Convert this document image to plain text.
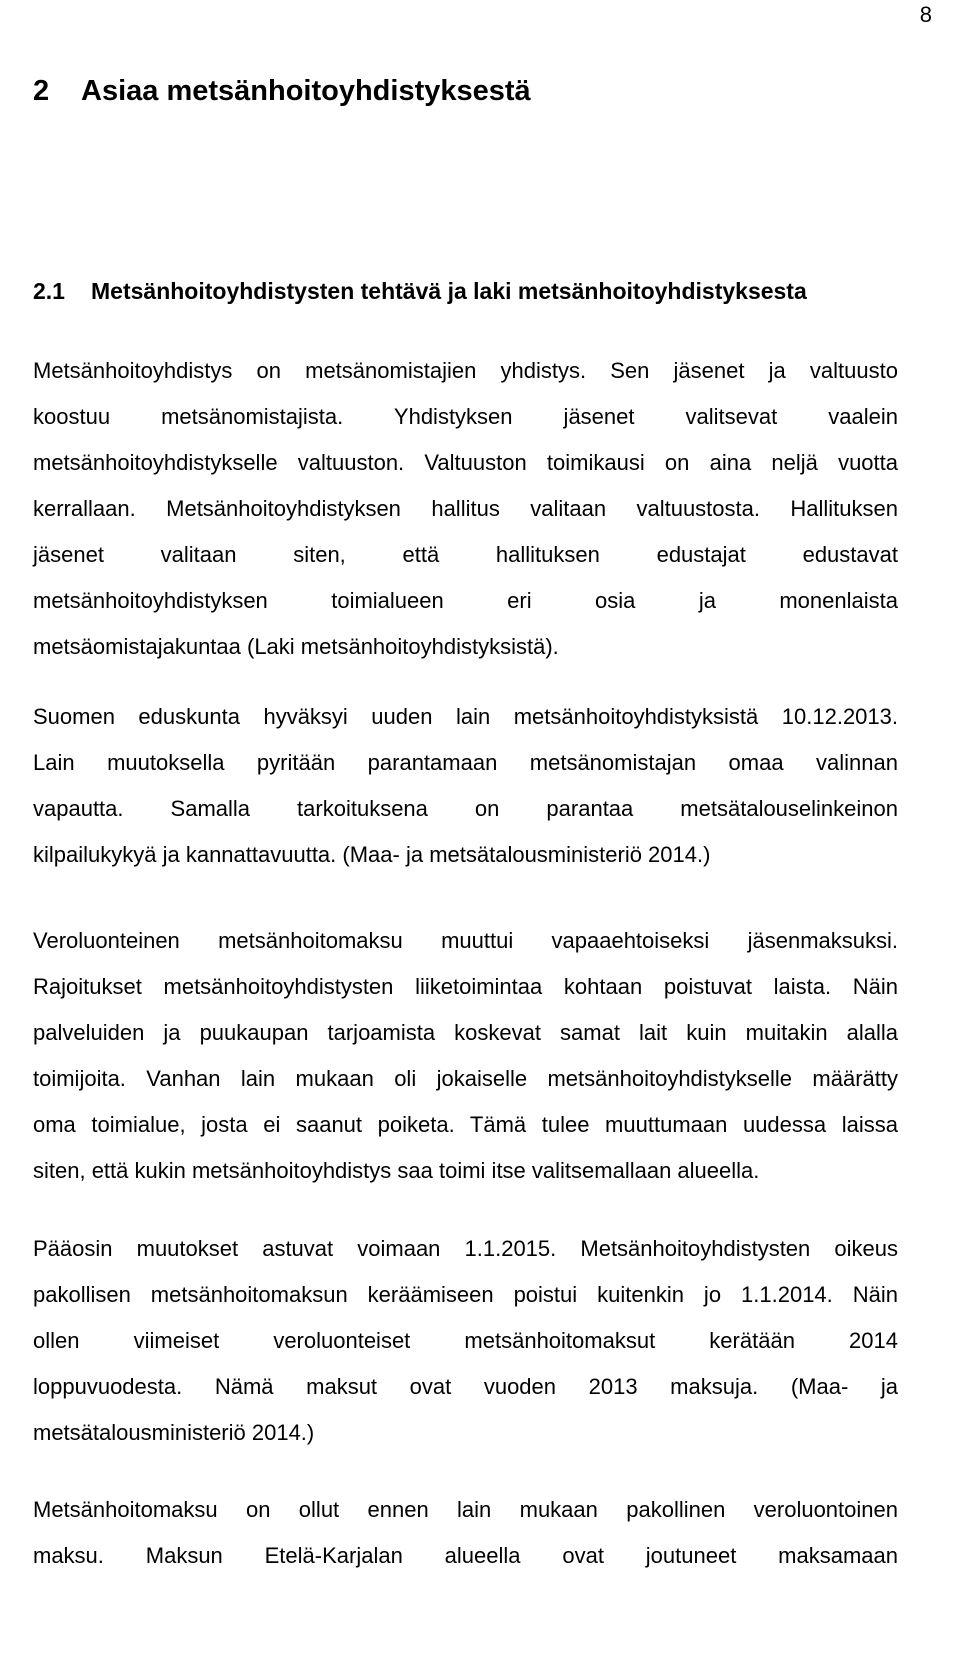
8
2 Asiaa metsänhoitoyhdistyksestä
2.1 Metsänhoitoyhdistysten tehtävä ja laki metsänhoitoyhdistyksesta

Metsänhoitoyhdistys on metsänomistajien yhdistys. Sen jäsenet ja valtuusto
koostuu metsänomistajista. Yhdistyksen jäsenet valitsevat vaalein
metsänhoitoyhdistykselle valtuuston. Valtuuston toimikausi on aina neljä vuotta
kerrallaan. Metsänhoitoyhdistyksen hallitus valitaan valtuustosta. Hallituksen
jäsenet valitaan siten, että hallituksen edustajat edustavat
metsänhoitoyhdistyksen toimialueen eri osia ja monenlaista
metsäomistajakuntaa (Laki metsänhoitoyhdistyksistä).

Suomen eduskunta hyväksyi uuden lain metsänhoitoyhdistyksistä 10.12.2013.
Lain muutoksella pyritään parantamaan metsänomistajan omaa valinnan
vapautta. Samalla tarkoituksena on parantaa metsätalouselinkeinon
kilpailukykyä ja kannattavuutta. (Maa- ja metsätalousministeriö 2014.)

Veroluonteinen metsänhoitomaksu muuttui vapaaehtoiseksi jäsenmaksuksi.
Rajoitukset metsänhoitoyhdistysten liiketoimintaa kohtaan poistuvat laista. Näin
palveluiden ja puukaupan tarjoamista koskevat samat lait kuin muitakin alalla
toimijoita. Vanhan lain mukaan oli jokaiselle metsänhoitoyhdistykselle määrätty
oma toimialue, josta ei saanut poiketa. Tämä tulee muuttumaan uudessa laissa
siten, että kukin metsänhoitoyhdistys saa toimi itse valitsemallaan alueella.

Pääosin muutokset astuvat voimaan 1.1.2015. Metsänhoitoyhdistysten oikeus
pakollisen metsänhoitomaksun keräämiseen poistui kuitenkin jo 1.1.2014. Näin
ollen viimeiset veroluonteiset metsänhoitomaksut kerätään 2014
loppuvuodesta. Nämä maksut ovat vuoden 2013 maksuja. (Maa- ja
metsätalousministeriö 2014.)

Metsänhoitomaksu on ollut ennen lain mukaan pakollinen veroluontoinen
maksu. Maksun Etelä-Karjalan alueella ovat joutuneet maksamaan
